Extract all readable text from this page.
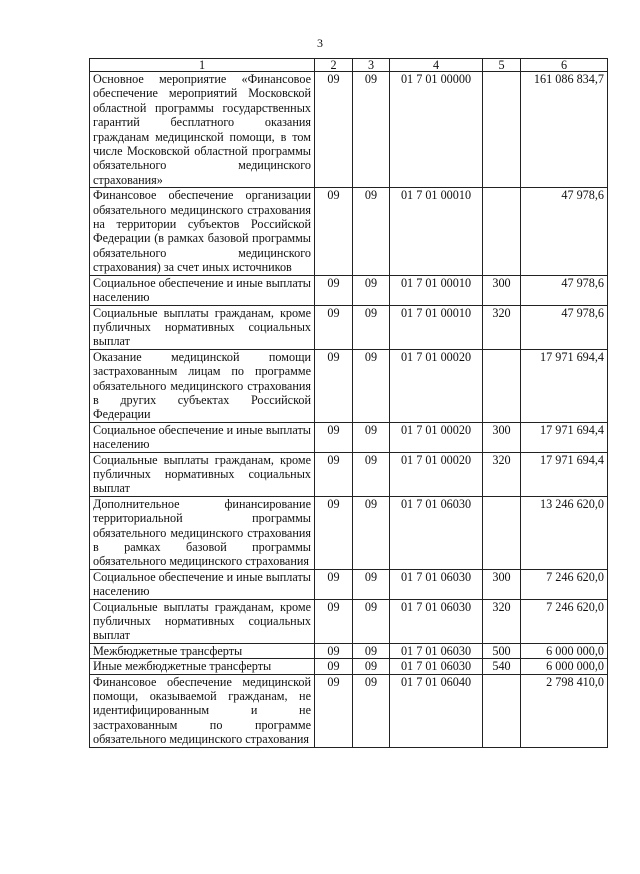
3
1	2	3	4	5	6
Основное мероприятие «Финансовое обеспечение мероприятий Московской областной программы государственных гарантий бесплатного оказания гражданам медицинской помощи, в том числе Московской областной программы обязательного медицинского страхования»	09	09	01 7 01 00000		161 086 834,7
Финансовое обеспечение организации обязательного медицинского страхования на территории субъектов Российской Федерации (в рамках базовой программы обязательного медицинского страхования) за счет иных источников	09	09	01 7 01 00010		47 978,6
Социальное обеспечение и иные выплаты населению	09	09	01 7 01 00010	300	47 978,6
Социальные выплаты гражданам, кроме публичных нормативных социальных выплат	09	09	01 7 01 00010	320	47 978,6
Оказание медицинской помощи застрахованным лицам по программе обязательного медицинского страхования в других субъектах Российской Федерации	09	09	01 7 01 00020		17 971 694,4
Социальное обеспечение и иные выплаты населению	09	09	01 7 01 00020	300	17 971 694,4
Социальные выплаты гражданам, кроме публичных нормативных социальных выплат	09	09	01 7 01 00020	320	17 971 694,4
Дополнительное финансирование территориальной программы обязательного медицинского страхования в рамках базовой программы обязательного медицинского страхования	09	09	01 7 01 06030		13 246 620,0
Социальное обеспечение и иные выплаты населению	09	09	01 7 01 06030	300	7 246 620,0
Социальные выплаты гражданам, кроме публичных нормативных социальных выплат	09	09	01 7 01 06030	320	7 246 620,0
Межбюджетные трансферты	09	09	01 7 01 06030	500	6 000 000,0
Иные межбюджетные трансферты	09	09	01 7 01 06030	540	6 000 000,0
Финансовое обеспечение медицинской помощи, оказываемой гражданам, не идентифицированным и не застрахованным по программе обязательного медицинского страхования	09	09	01 7 01 06040		2 798 410,0
